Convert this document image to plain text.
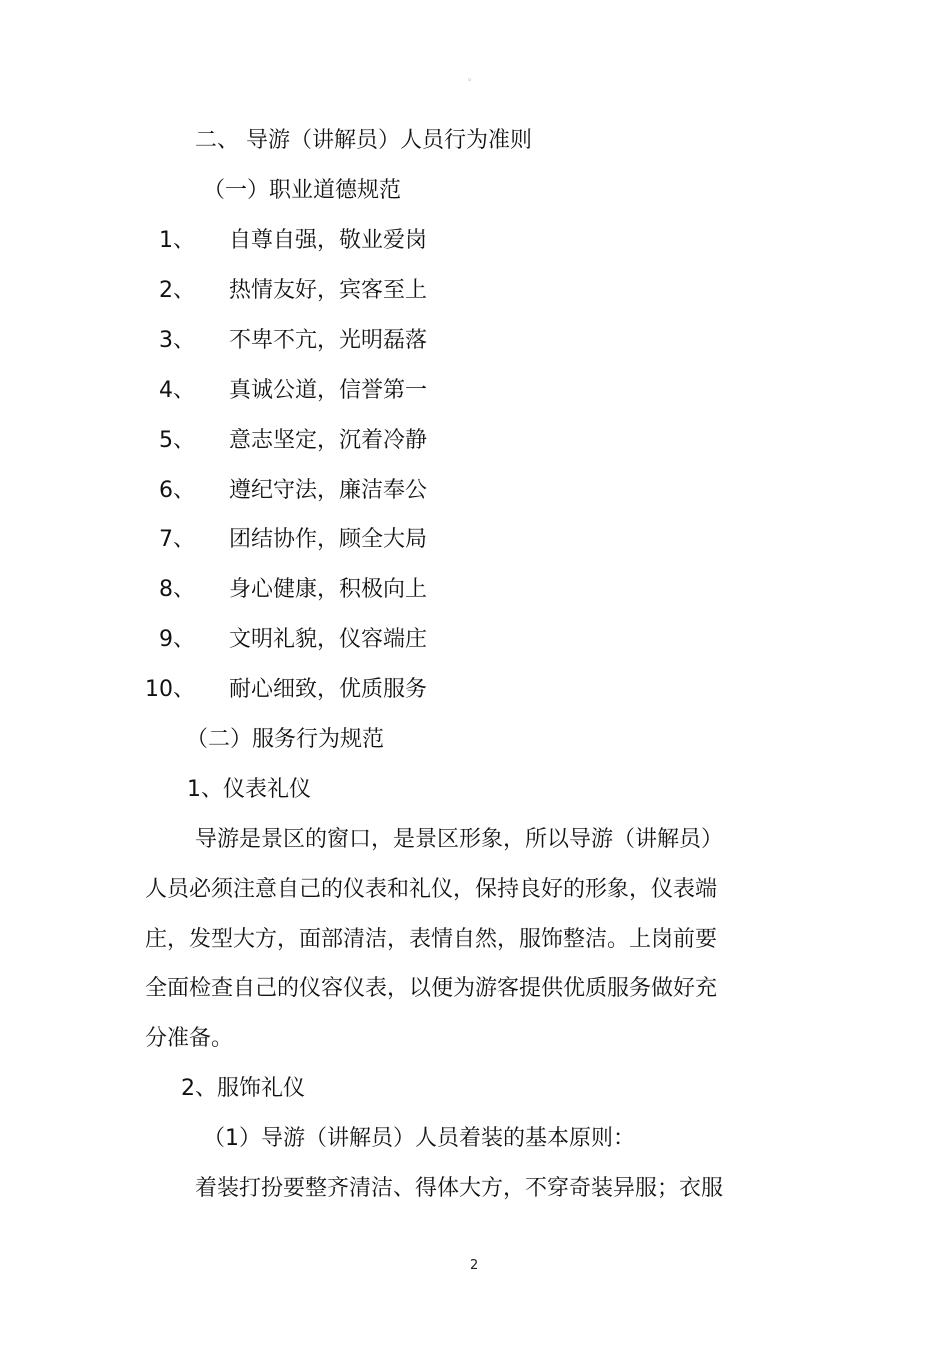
。
二、 导游（讲解员）人员行为准则
（一）职业道德规范
1、 自尊自强，敬业爱岗
2、 热情友好，宾客至上
3、 不卑不亢，光明磊落
4、 真诚公道，信誉第一
5、 意志坚定，沉着冷静
6、 遵纪守法，廉洁奉公
7、 团结协作，顾全大局
8、 身心健康，积极向上
9、 文明礼貌，仪容端庄
10、 耐心细致，优质服务
（二）服务行为规范
1、仪表礼仪
导游是景区的窗口，是景区形象，所以导游（讲解员）
人员必须注意自己的仪表和礼仪，保持良好的形象，仪表端
庄，发型大方，面部清洁，表情自然，服饰整洁。上岗前要
全面检查自己的仪容仪表，以便为游客提供优质服务做好充
分准备。
2、服饰礼仪
（1）导游（讲解员）人员着装的基本原则：
着装打扮要整齐清洁、得体大方，不穿奇装异服；衣服
2
